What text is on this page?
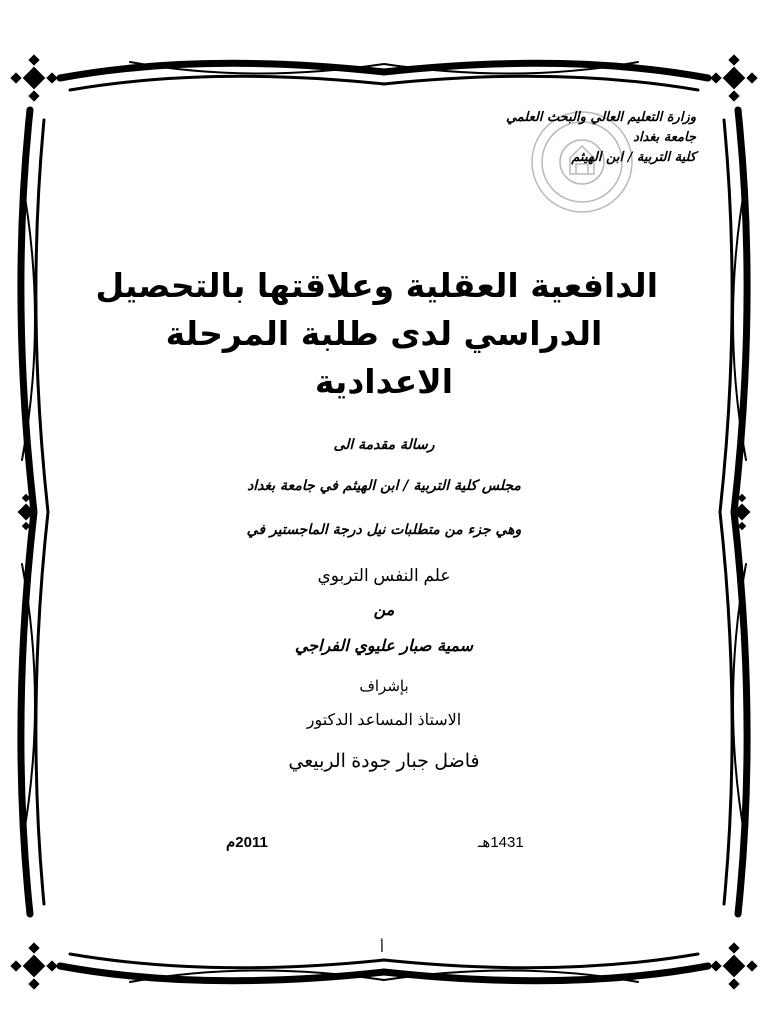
وزارة التعليم العالي والبحث العلمي
جامعة بغداد
كلية التربية / ابن الهيثم
الدافعية العقلية وعلاقتها بالتحصيل
الدراسي لدى طلبة المرحلة
الاعدادية
رسالة مقدمة الى
مجلس كلية التربية / ابن الهيثم في جامعة بغداد
وهي جزء من متطلبات نيل درجة الماجستير في
علم النفس التربوي
من
سمية صبار عليوي الفراجي
بإشراف
الاستاذ المساعد الدكتور
فاضل جبار جودة الربيعي
1431هـ
2011م
أ
